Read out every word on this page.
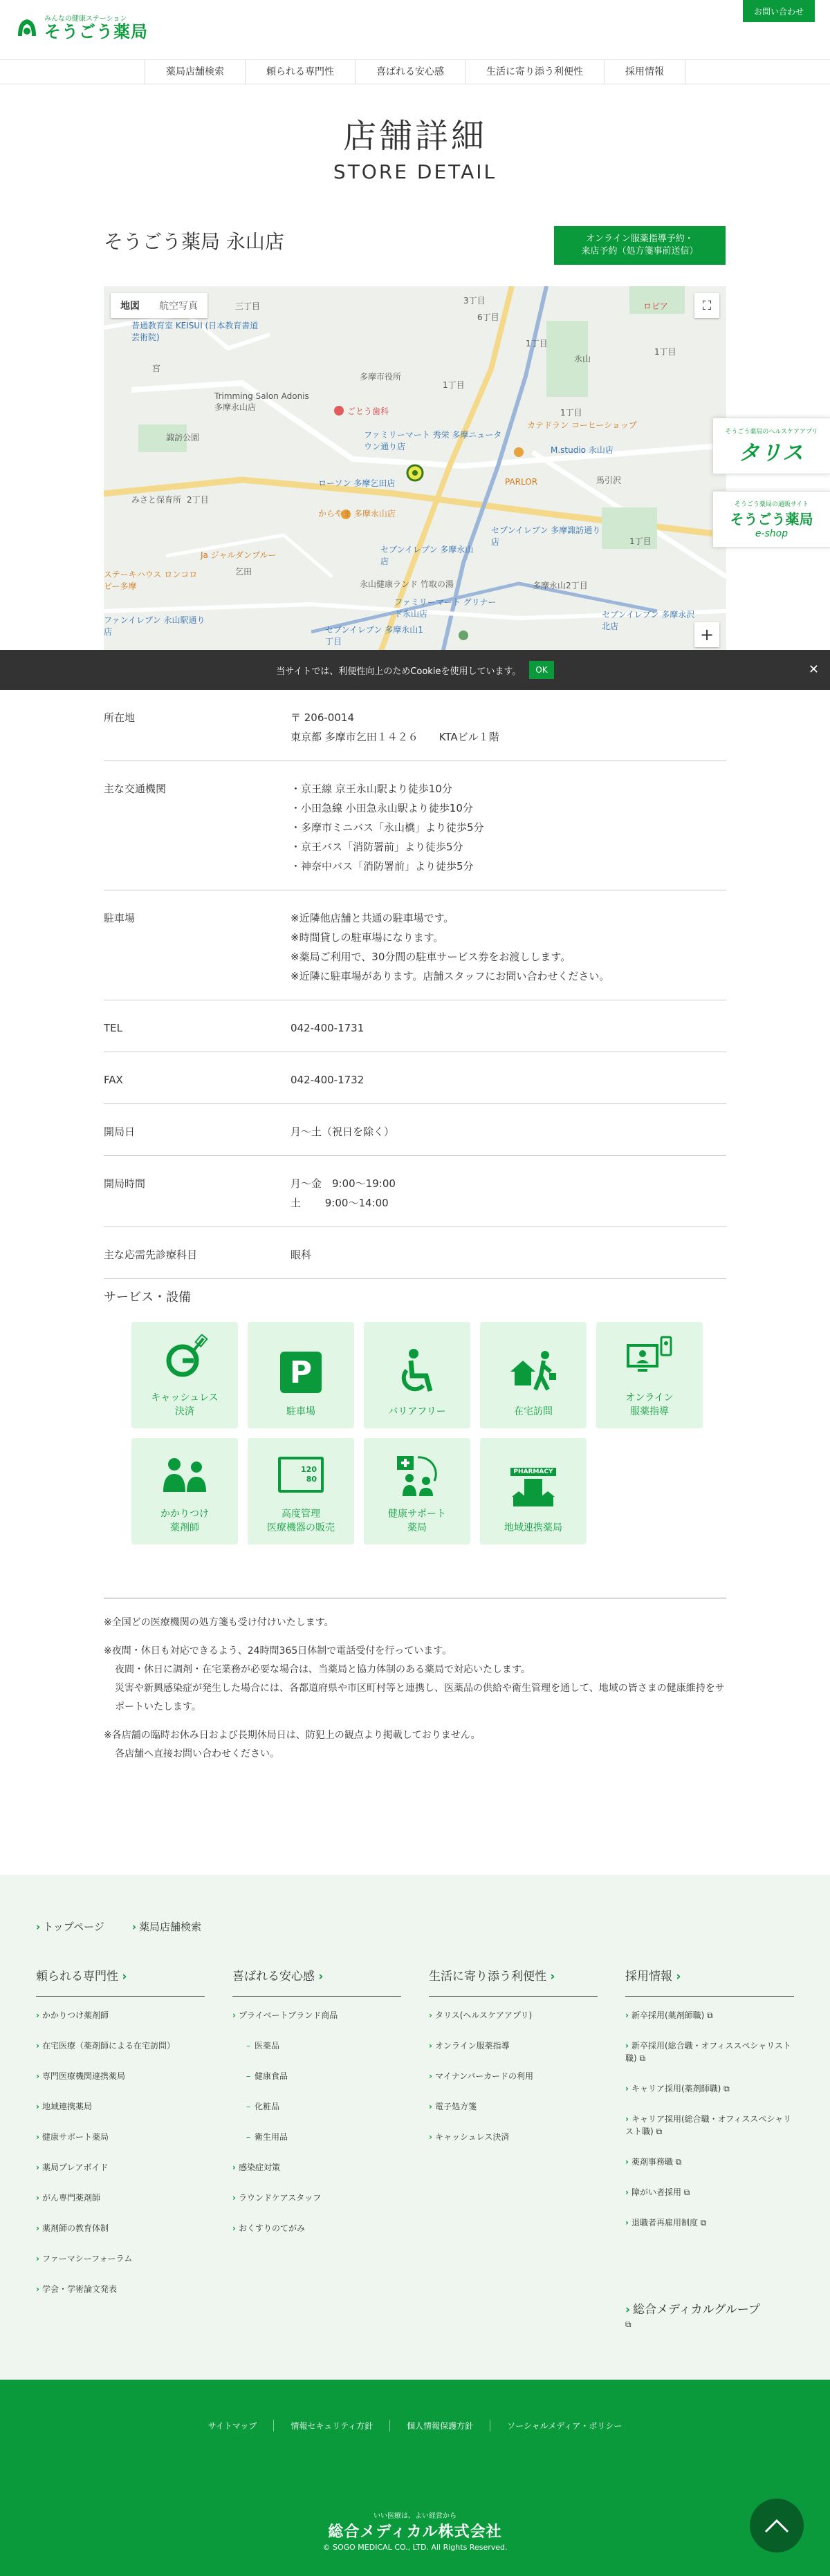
みんなの健康ステーション
そうごう薬局
お問い合わせ
薬局店舗検索	頼られる専門性	喜ばれる安心感	生活に寄り添う利便性	採用情報
店舗詳細
STORE DETAIL
そうごう薬局 永山店	オンライン服薬指導予約・
来店予約（処方箋事前送信）
三丁目
6丁目
3丁目
ロピア
永山
1丁目
1丁目
宮
多摩市役所
Trimming Salon Adonis 多摩永山店	ごとう歯科
ファミリーマート 秀栄 多摩ニュータウン通り店
カテドラン コーヒーショップ
M.studio 永山店
1丁目
諏訪公園
PARLOR
ローソン 多摩乞田店	馬引沢
からやま 多摩永山店
セブンイレブン 多摩永山店
セブンイレブン 多摩諏訪通り店
みさと保育所
乞田
Ja ジャルダンブルー
ステーキハウス ロンコロピー多摩	永山健康ランド 竹取の湯
ファミリーマート グリナード永山店
セブンイレブン 多摩永山1丁目
多摩永山2丁目
セブンイレブン 多摩永沢北店
ファンイレブン 永山駅通り店
普通教育室 KEISUI (日本教育書道 芸術院)
1丁目
1丁目
2丁目
地図	航空写真	⛶
+
当サイトでは、利便性向上のためCookieを使用しています。	OK	✕
そうごう薬局のヘルスケアアプリ
タリス
そうごう薬局の通販サイト
そうごう薬局
e-shop
所在地	〒 206-0014
東京都 多摩市乞田１４２６　　KTAビル１階
主な交通機関	・京王線 京王永山駅より徒歩10分
・小田急線 小田急永山駅より徒歩10分
・多摩市ミニバス「永山橋」より徒歩5分
・京王バス「消防署前」より徒歩5分
・神奈中バス「消防署前」より徒歩5分
駐車場	※近隣他店舗と共通の駐車場です。
※時間貸しの駐車場になります。
※薬局ご利用で、30分間の駐車サービス券をお渡しします。
※近隣に駐車場があります。店舗スタッフにお問い合わせください。
TEL	042-400-1731
FAX	042-400-1732
開局日	月〜土（祝日を除く）
開局時間	月〜金　9:00〜19:00
土　　 9:00〜14:00
主な応需先診療科目	眼科
サービス・設備
キャッシュレス
決済
P
駐車場	バリアフリー	在宅訪問
オンライン
服薬指導
かかりつけ
薬剤師
120
80
高度管理
医療機器の販売
健康サポート
薬局
PHARMACY
地域連携薬局

※全国どの医療機関の処方箋も受け付けいたします。

※夜間・休日も対応できるよう、24時間365日体制で電話受付を行っています。
夜間・休日に調剤・在宅業務が必要な場合は、当薬局と協力体制のある薬局で対応いたします。
災害や新興感染症が発生した場合には、各都道府県や市区町村等と連携し、医薬品の供給や衛生管理を通して、地域の皆さまの健康維持をサポートいたします。

※各店舗の臨時お休み日および長期休局日は、防犯上の観点より掲載しておりません。
各店舗へ直接お問い合わせください。

› トップページ	› 薬局店舗検索
頼られる専門性 ›
› かかりつけ薬剤師
› 在宅医療（薬剤師による在宅訪問）
› 専門医療機関連携薬局
› 地域連携薬局
› 健康サポート薬局
› 薬局プレアボイド
› がん専門薬剤師
› 薬剤師の教育体制
› ファーマシーフォーラム
› 学会・学術論文発表
喜ばれる安心感 ›
› プライベートブランド商品
– 医薬品
– 健康食品
– 化粧品
– 衛生用品
› 感染症対策
› ラウンドケアスタッフ
› おくすりのてがみ
生活に寄り添う利便性 ›
› タリス(ヘルスケアアプリ)
› オンライン服薬指導
› マイナンバーカードの利用
› 電子処方箋
› キャッシュレス決済
採用情報 ›
› 新卒採用(薬剤師職) ⧉
› 新卒採用(総合職・オフィススペシャリスト職) ⧉
› キャリア採用(薬剤師職) ⧉
› キャリア採用(総合職・オフィススペシャリスト職) ⧉
› 薬剤事務職 ⧉
› 障がい者採用 ⧉
› 退職者再雇用制度 ⧉
› 総合メディカルグループ
⧉
サイトマップ	情報セキュリティ方針	個人情報保護方針	ソーシャルメディア・ポリシー
いい医療は、よい経営から
総合メディカル株式会社
© SOGO MEDICAL CO., LTD. All Rights Reserved.
